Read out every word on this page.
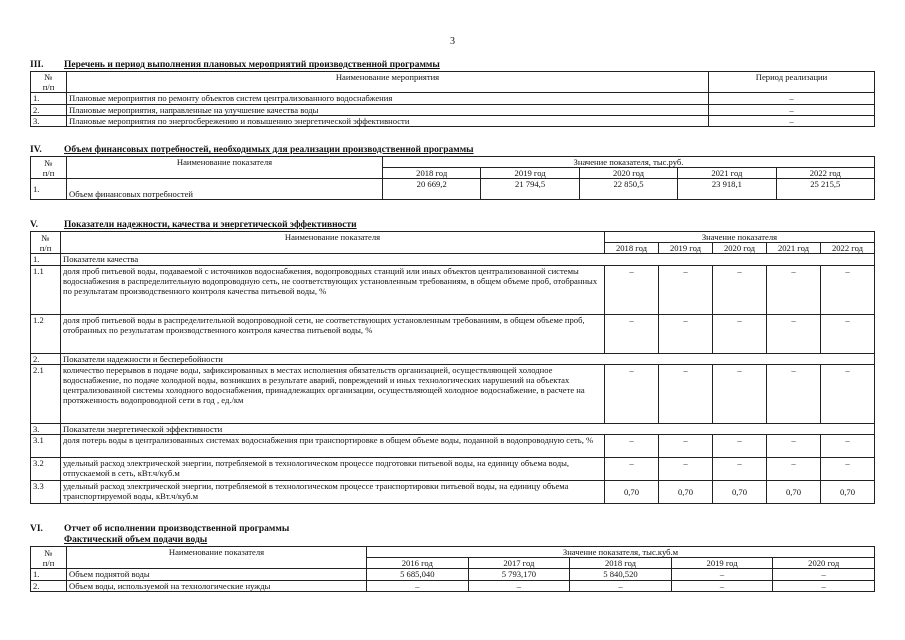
3
III. Перечень и период выполнения плановых мероприятий производственной программы
№
п/п	Наименование мероприятия	Период реализации
1.	Плановые мероприятия по ремонту объектов систем централизованного водоснабжения	–
2.	Плановые мероприятия, направленные на улучшение качества воды	–
3.	Плановые мероприятия по энергосбережению и повышению энергетической эффективности	–
IV. Объем финансовых потребностей, необходимых для реализации производственной программы
№
п/п	Наименование показателя	Значение показателя, тыс.руб.				
		2018 год	2019 год	2020 год	2021 год	2022 год
1.	Объем финансовых потребностей	20 669,2	21 794,5	22 850,5	23 918,1	25 215,5
V.	Показатели надежности, качества и энергетической эффективности
№
п/п	Наименование показателя	Значение показателя				
		2018 год	2019 год	2020 год	2021 год	2022 год
1.	Показатели качества					
1.1	доля проб питьевой воды, подаваемой с источников водоснабжения, водопроводных станций или иных объектов централизованной системы водоснабжения в распределительную водопроводную сеть, не соответствующих установленным требованиям, в общем объеме проб, отобранных по результатам производственного контроля качества питьевой воды, %	–	–	–	–	–
1.2	доля проб питьевой воды в распределительной водопроводной сети, не соответствующих установленным требованиям, в общем объеме проб, отобранных по результатам производственного контроля качества питьевой воды, %	–	–	–	–	–
2.	Показатели надежности и бесперебойности					
2.1	количество перерывов в подаче воды, зафиксированных в местах исполнения обязательств организацией, осуществляющей холодное водоснабжение, по подаче холодной воды, возникших в результате аварий, повреждений и иных технологических нарушений на объектах централизованной системы холодного водоснабжения, принадлежащих организации, осуществляющей холодное водоснабжение, в расчете на протяженность водопроводной сети в год , ед./км	–	–	–	–	–
3.	Показатели энергетической эффективности					
3.1	доля потерь воды в централизованных системах водоснабжения при транспортировке в общем объеме воды, поданной в водопроводную сеть, %	–	–	–	–	–
3.2	удельный расход электрической энергии, потребляемой в технологическом процессе подготовки питьевой воды, на единицу объема воды, отпускаемой в сеть, кВт.ч/куб.м	–	–	–	–	–
3.3	удельный расход электрической энергии, потребляемой в технологическом процессе транспортировки питьевой воды, на единицу объема транспортируемой воды, кВт.ч/куб.м	0,70	0,70	0,70	0,70	0,70
VI. Отчет об исполнении производственной программы
Фактический объем подачи воды
№
п/п	Наименование показателя	Значение показателя, тыс.куб.м				
		2016 год	2017 год	2018 год	2019 год	2020 год
1.	Объем поднятой воды	5 685,040	5 793,170	5 840,520	–	–
2.	Объем воды, используемой на технологические нужды	–	–	–	–	–
